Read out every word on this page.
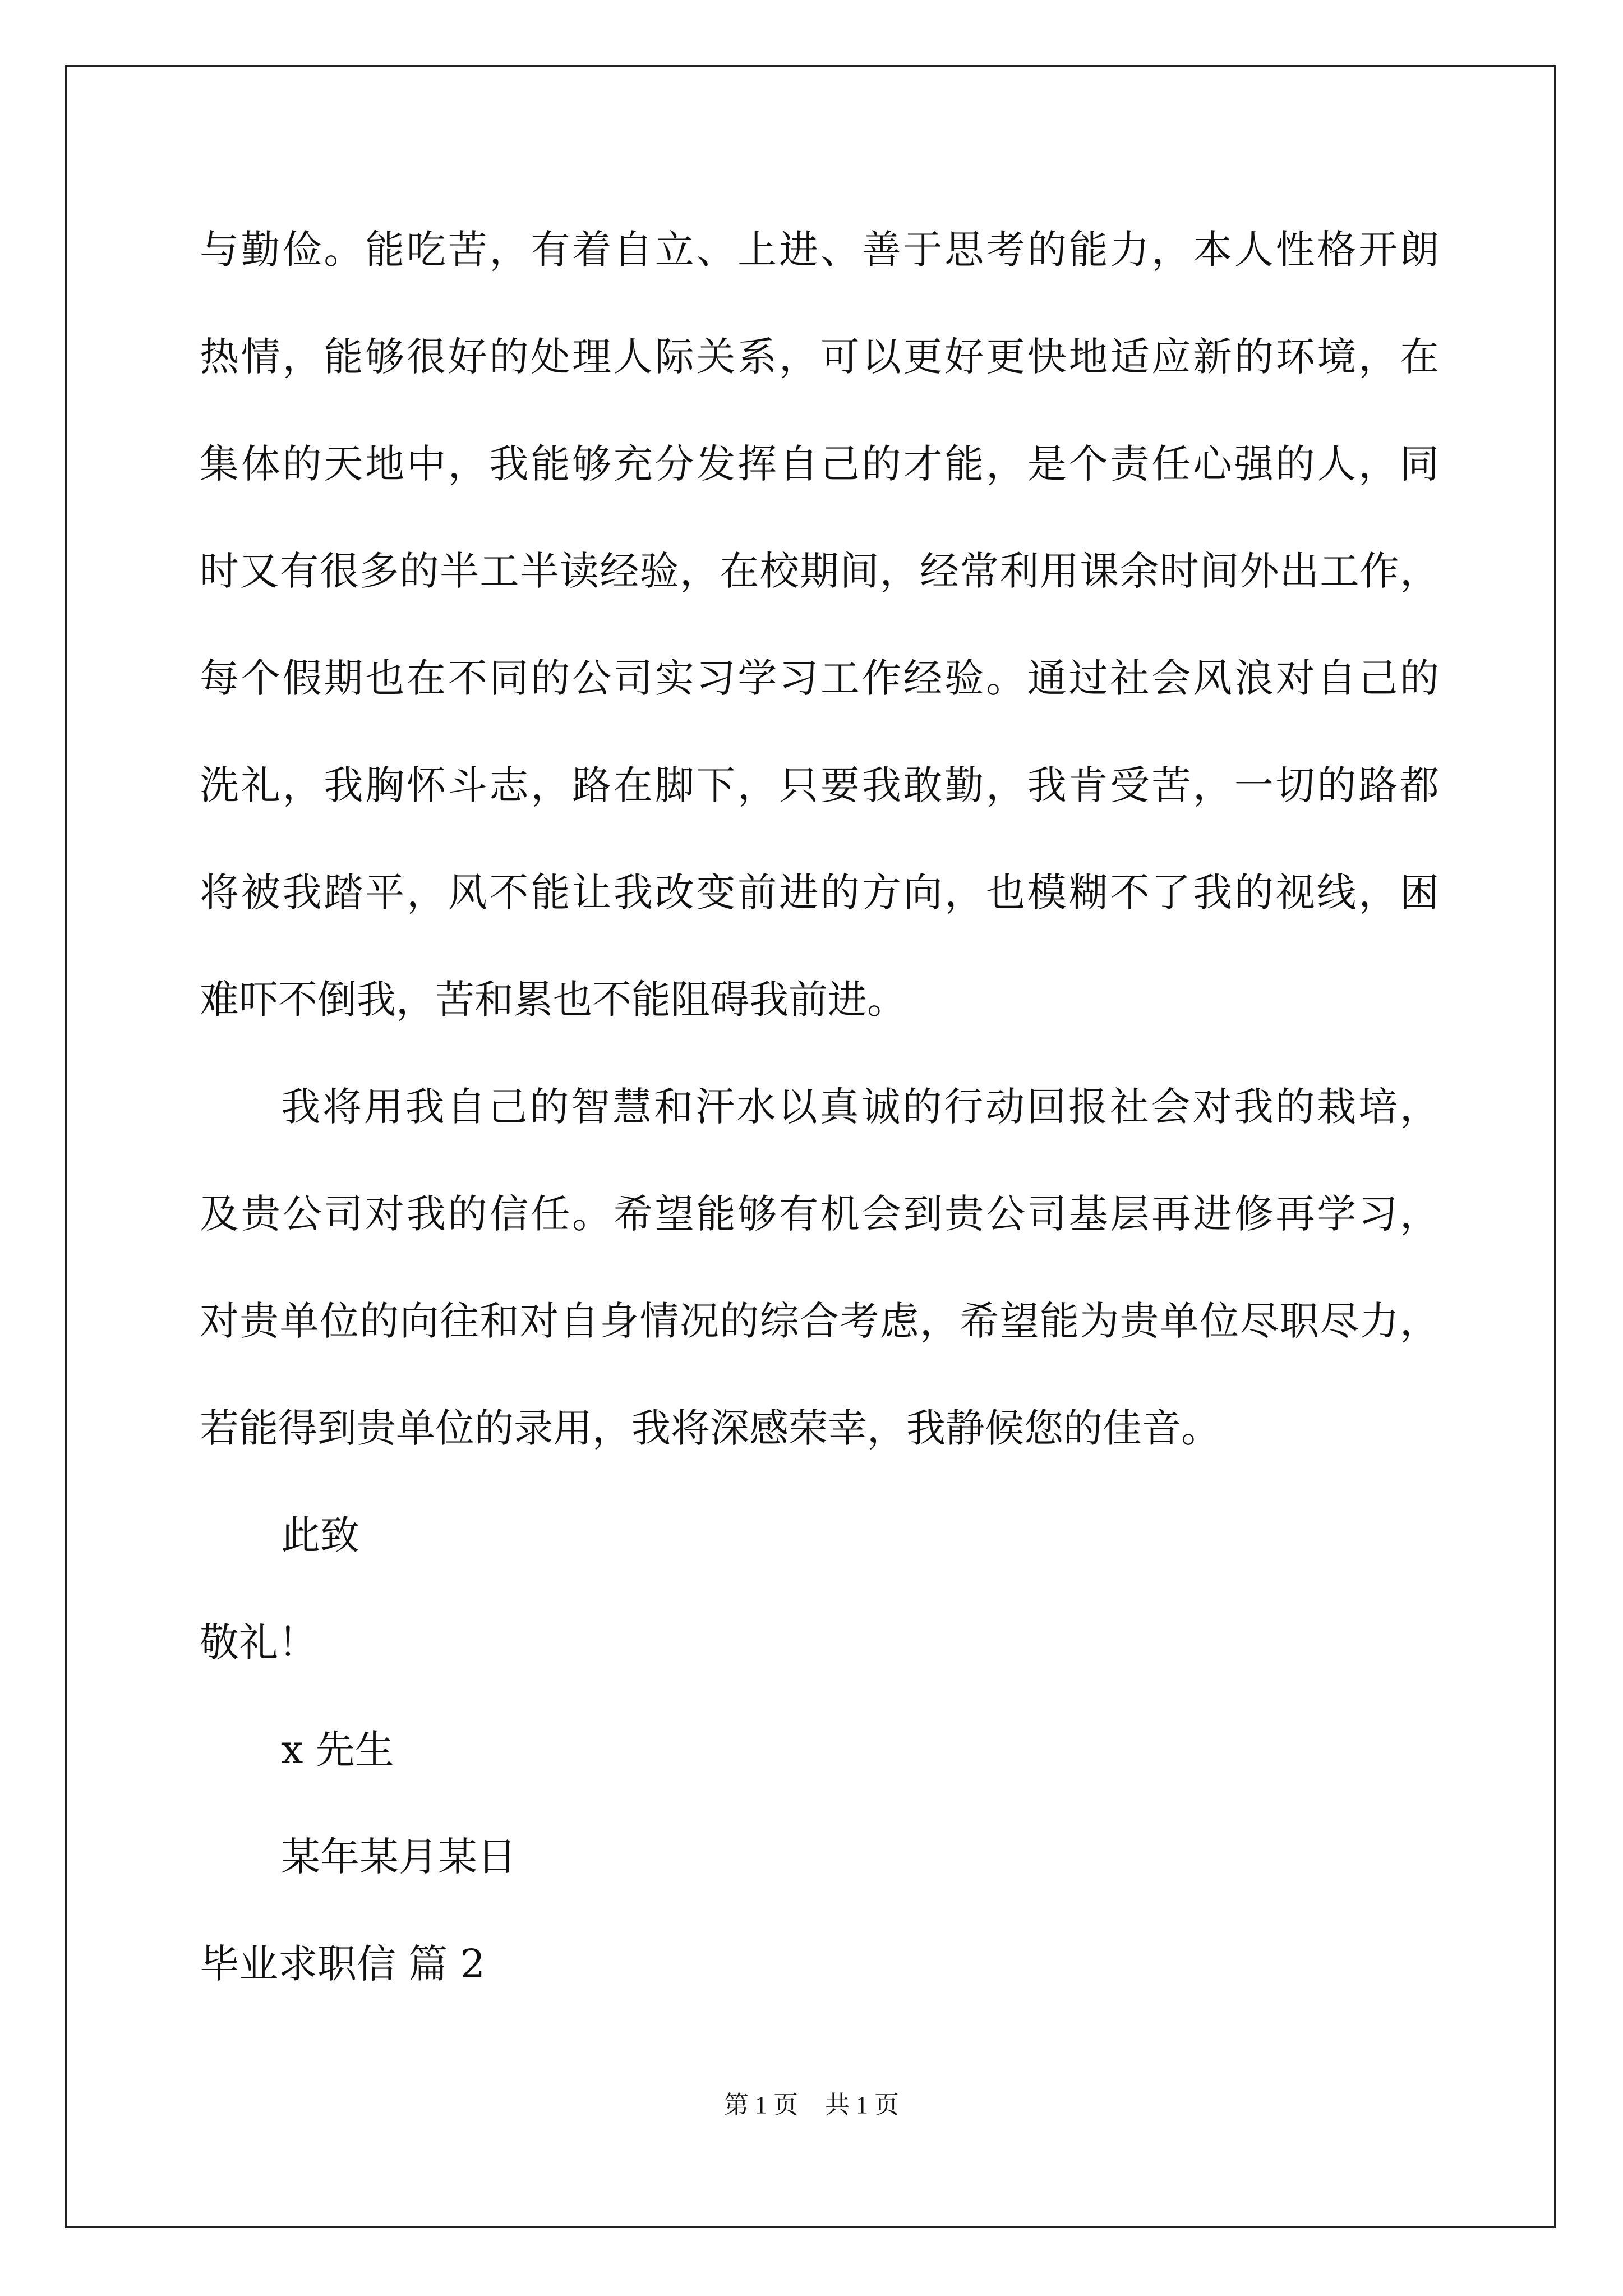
与勤俭。能吃苦，有着自立、上进、善于思考的能力，本人性格开朗
热情，能够很好的处理人际关系，可以更好更快地适应新的环境，在
集体的天地中，我能够充分发挥自己的才能，是个责任心强的人，同
时又有很多的半工半读经验，在校期间，经常利用课余时间外出工作，
每个假期也在不同的公司实习学习工作经验。通过社会风浪对自己的
洗礼，我胸怀斗志，路在脚下，只要我敢勤，我肯受苦，一切的路都
将被我踏平，风不能让我改变前进的方向，也模糊不了我的视线，困
难吓不倒我，苦和累也不能阻碍我前进。
我将用我自己的智慧和汗水以真诚的行动回报社会对我的栽培，
及贵公司对我的信任。希望能够有机会到贵公司基层再进修再学习，
对贵单位的向往和对自身情况的综合考虑，希望能为贵单位尽职尽力，
若能得到贵单位的录用，我将深感荣幸，我静候您的佳音。
此致
敬礼！
x 先生
某年某月某日
毕业求职信 篇 2
第 1 页 共 1 页
